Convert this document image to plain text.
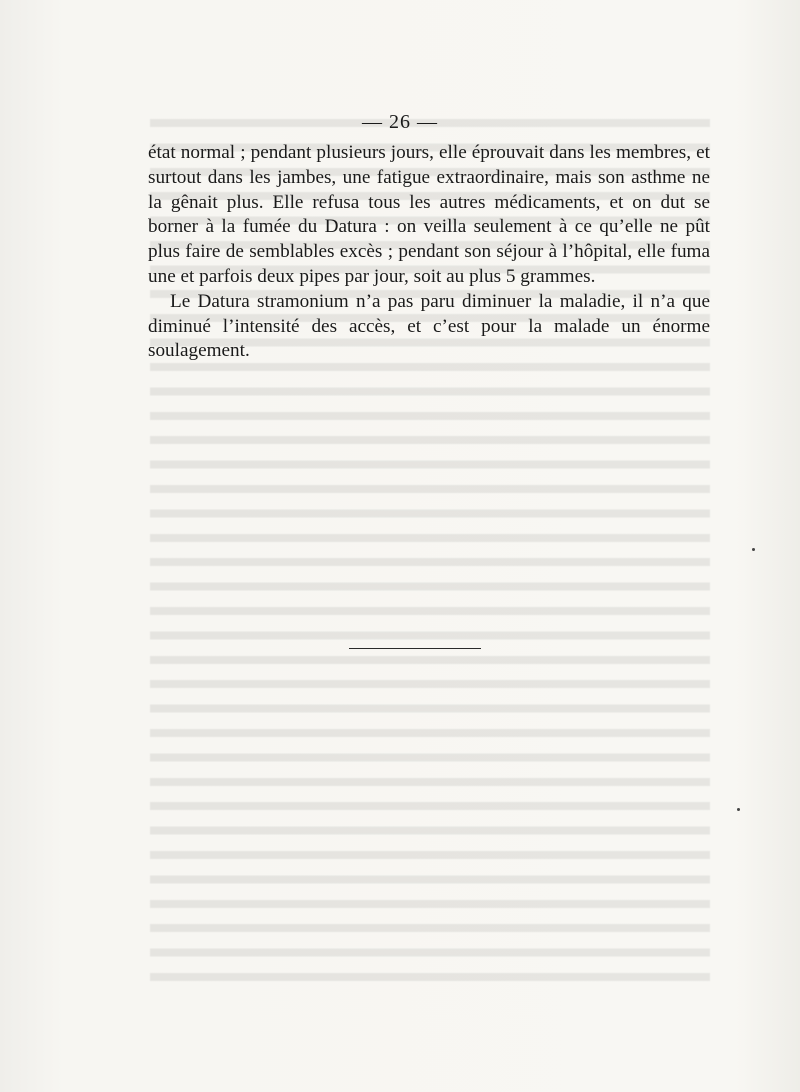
— 26 —

état normal ; pendant plusieurs jours, elle éprouvait dans les membres, et surtout dans les jambes, une fatigue extraordinaire, mais son asthme ne la gênait plus. Elle refusa tous les autres médicaments, et on dut se borner à la fumée du Datura : on veilla seulement à ce qu’elle ne pût plus faire de semblables excès ; pendant son séjour à l’hôpital, elle fuma une et parfois deux pipes par jour, soit au plus 5 grammes.

Le Datura stramonium n’a pas paru diminuer la maladie, il n’a que diminué l’intensité des accès, et c’est pour la malade un énorme soulagement.
